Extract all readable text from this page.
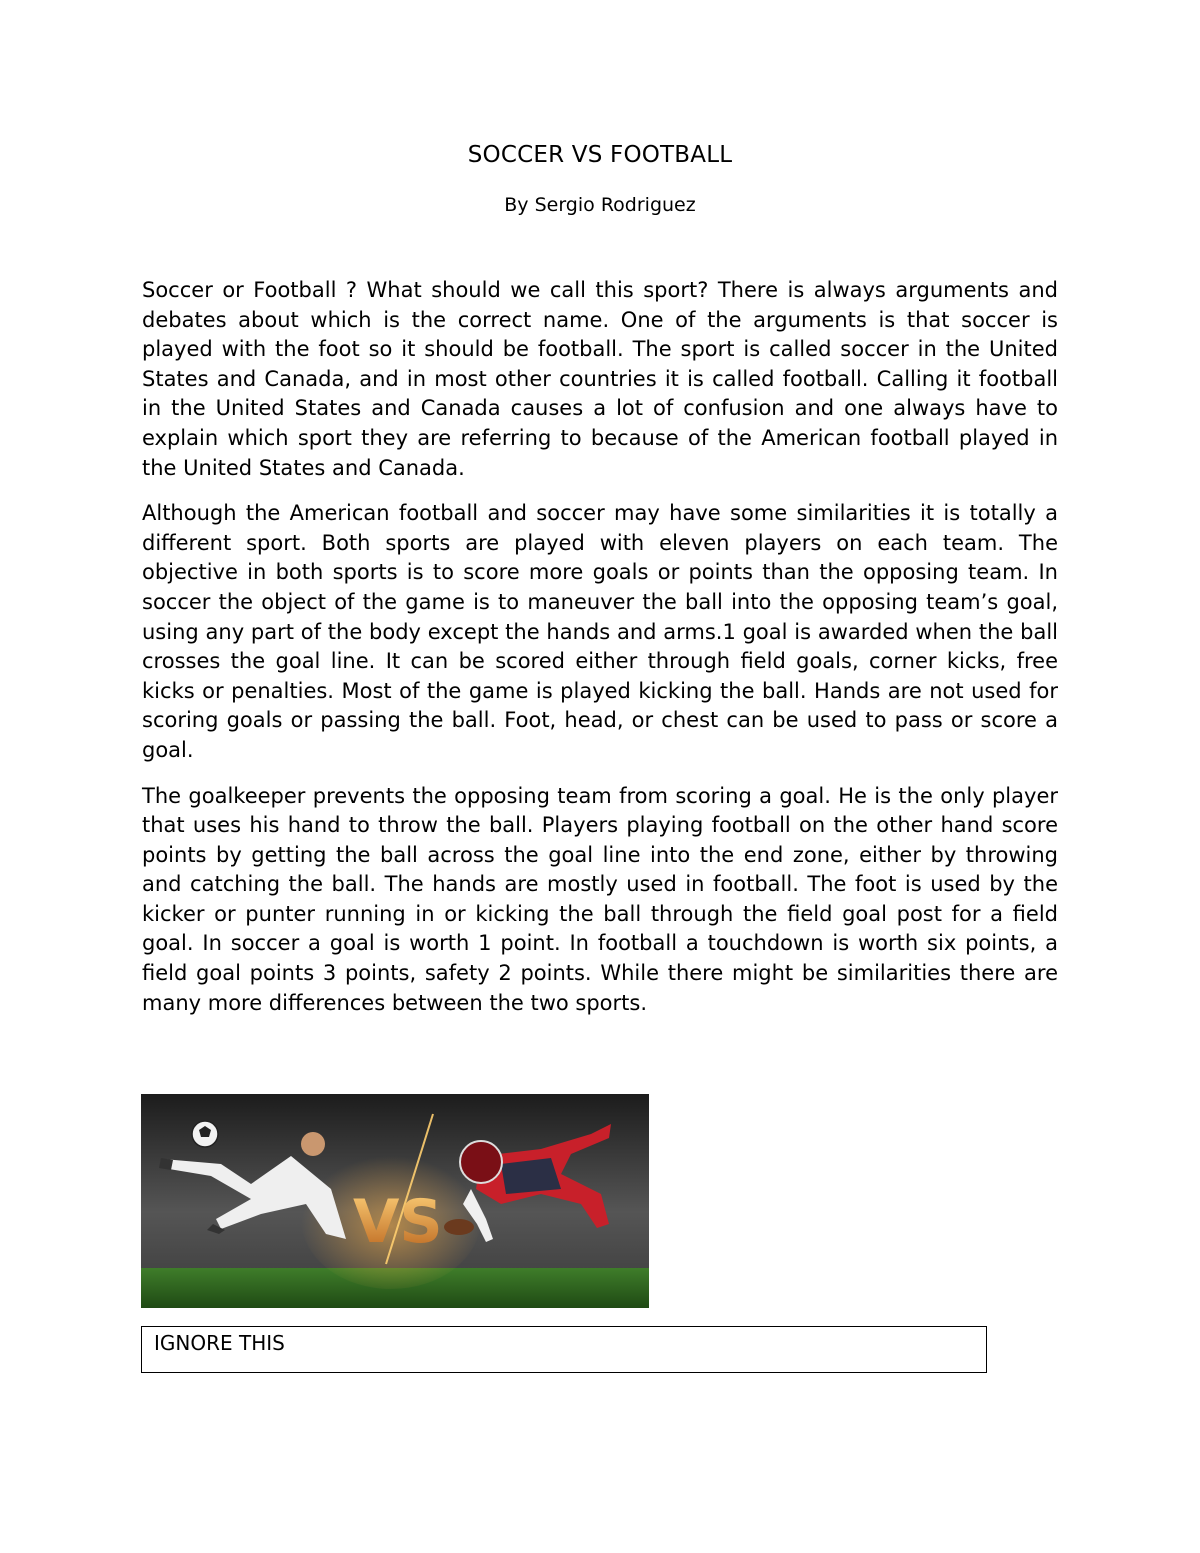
SOCCER VS FOOTBALL
By Sergio Rodriguez

Soccer or Football ? What should we call this sport? There is always arguments and debates about which is the correct name. One of the arguments is that soccer is played with the foot so it should be football. The sport is called soccer in the United States and Canada, and in most other countries it is called football. Calling it football in the United States and Canada causes a lot of confusion and one always have to explain which sport they are referring to because of the American football played in the United States and Canada.

Although the American football and soccer may have some similarities it is totally a different sport. Both sports are played with eleven players on each team. The objective in both sports is to score more goals or points than the opposing team. In soccer the object of the game is to maneuver the ball into the opposing team’s goal, using any part of the body except the hands and arms.1 goal is awarded when the ball crosses the goal line. It can be scored either through field goals, corner kicks, free kicks or penalties. Most of the game is played kicking the ball. Hands are not used for scoring goals or passing the ball. Foot, head, or chest can be used to pass or score a goal.

The goalkeeper prevents the opposing team from scoring a goal. He is the only player that uses his hand to throw the ball. Players playing football on the other hand score points by getting the ball across the goal line into the end zone, either by throwing and catching the ball. The hands are mostly used in football. The foot is used by the kicker or punter running in or kicking the ball through the field goal post for a field goal. In soccer a goal is worth 1 point. In football a touchdown is worth six points, a field goal points 3 points, safety 2 points. While there might be similarities there are many more differences between the two sports.

VS
IGNORE THIS
